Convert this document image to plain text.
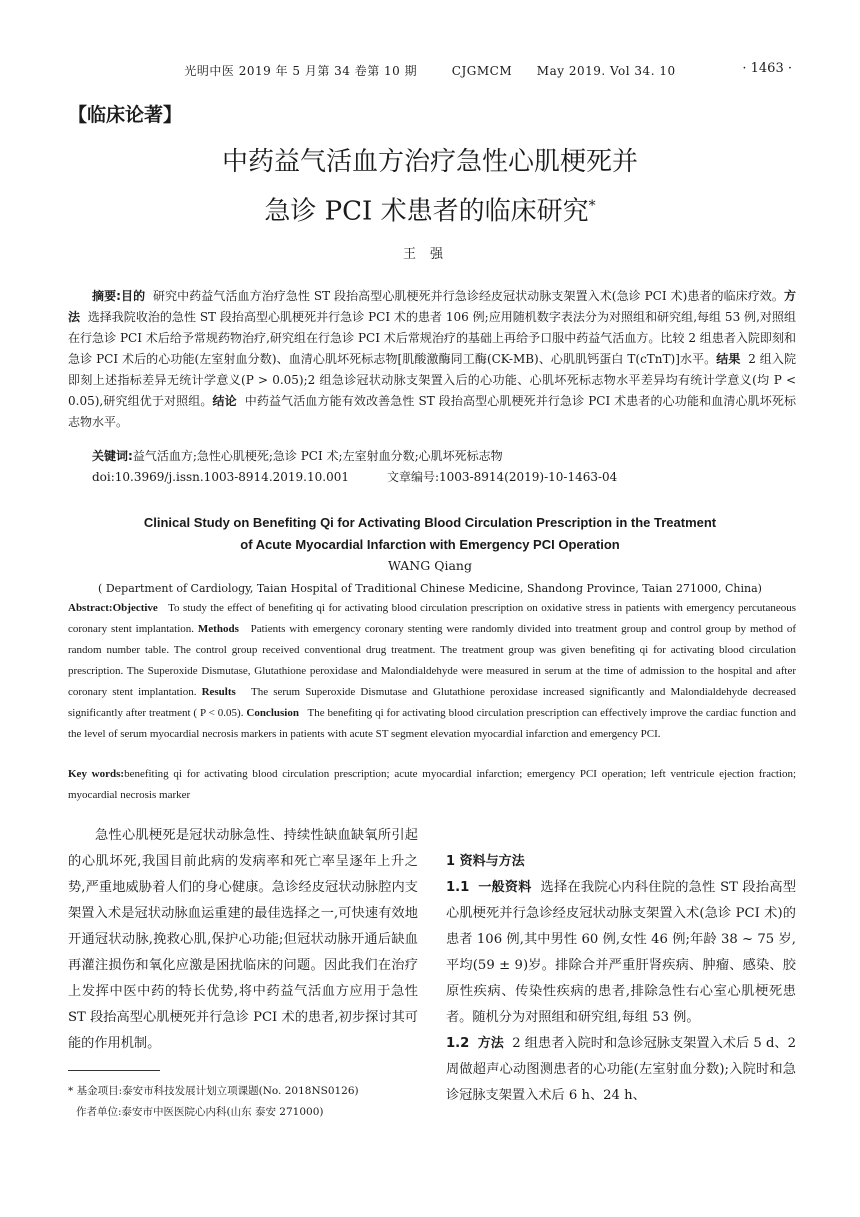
光明中医 2019 年 5 月第 34 卷第 10 期	CJGMCM May 2019. Vol 34. 10	· 1463 ·
【临床论著】
中药益气活血方治疗急性心肌梗死并
急诊 PCI 术患者的临床研究*
王强
摘要:目的 研究中药益气活血方治疗急性 ST 段抬高型心肌梗死并行急诊经皮冠状动脉支架置入术(急诊 PCI 术)患者的临床疗效。方法 选择我院收治的急性 ST 段抬高型心肌梗死并行急诊 PCI 术的患者 106 例;应用随机数字表法分为对照组和研究组,每组 53 例,对照组在行急诊 PCI 术后给予常规药物治疗,研究组在行急诊 PCI 术后常规治疗的基础上再给予口服中药益气活血方。比较 2 组患者入院即刻和急诊 PCI 术后的心功能(左室射血分数)、血清心肌坏死标志物[肌酸激酶同工酶(CK-MB)、心肌肌钙蛋白 T(cTnT)]水平。结果 2 组入院即刻上述指标差异无统计学意义(P > 0.05);2 组急诊冠状动脉支架置入后的心功能、心肌坏死标志物水平差异均有统计学意义(均 P < 0.05),研究组优于对照组。结论 中药益气活血方能有效改善急性 ST 段抬高型心肌梗死并行急诊 PCI 术患者的心功能和血清心肌坏死标志物水平。
关键词:益气活血方;急性心肌梗死;急诊 PCI 术;左室射血分数;心肌坏死标志物
doi:10.3969/j.issn.1003-8914.2019.10.001	文章编号:1003-8914(2019)-10-1463-04
Clinical Study on Benefiting Qi for Activating Blood Circulation Prescription in the Treatment
of Acute Myocardial Infarction with Emergency PCI Operation
WANG Qiang
( Department of Cardiology, Taian Hospital of Traditional Chinese Medicine, Shandong Province, Taian 271000, China)
Abstract:Objective To study the effect of benefiting qi for activating blood circulation prescription on oxidative stress in patients with emergency percutaneous coronary stent implantation. Methods Patients with emergency coronary stenting were randomly divided into treatment group and control group by method of random number table. The control group received conventional drug treatment. The treatment group was given benefiting qi for activating blood circulation prescription. The Superoxide Dismutase, Glutathione peroxidase and Malondialdehyde were measured in serum at the time of admission to the hospital and after coronary stent implantation. Results The serum Superoxide Dismutase and Glutathione peroxidase increased significantly and Malondialdehyde decreased significantly after treatment ( P < 0.05). Conclusion The benefiting qi for activating blood circulation prescription can effectively improve the cardiac function and the level of serum myocardial necrosis markers in patients with acute ST segment elevation myocardial infarction and emergency PCI.
Key words:benefiting qi for activating blood circulation prescription; acute myocardial infarction; emergency PCI operation; left ventricule ejection fraction; myocardial necrosis marker
急性心肌梗死是冠状动脉急性、持续性缺血缺氧所引起的心肌坏死,我国目前此病的发病率和死亡率呈逐年上升之势,严重地威胁着人们的身心健康。急诊经皮冠状动脉腔内支架置入术是冠状动脉血运重建的最佳选择之一,可快速有效地开通冠状动脉,挽救心肌,保护心功能;但冠状动脉开通后缺血再灌注损伤和氧化应激是困扰临床的问题。因此我们在治疗上发挥中医中药的特长优势,将中药益气活血方应用于急性 ST 段抬高型心肌梗死并行急诊 PCI 术的患者,初步探讨其可能的作用机制。
1 资料与方法
1.1 一般资料 选择在我院心内科住院的急性 ST 段抬高型心肌梗死并行急诊经皮冠状动脉支架置入术(急诊 PCI 术)的患者 106 例,其中男性 60 例,女性 46 例;年龄 38 ~ 75 岁,平均(59 ± 9)岁。排除合并严重肝肾疾病、肿瘤、感染、胶原性疾病、传染性疾病的患者,排除急性右心室心肌梗死患者。随机分为对照组和研究组,每组 53 例。
1.2 方法 2 组患者入院时和急诊冠脉支架置入术后 5 d、2 周做超声心动图测患者的心功能(左室射血分数);入院时和急诊冠脉支架置入术后 6 h、24 h、
* 基金项目:泰安市科技发展计划立项课题(No. 2018NS0126)
作者单位:泰安市中医医院心内科(山东 泰安 271000)
